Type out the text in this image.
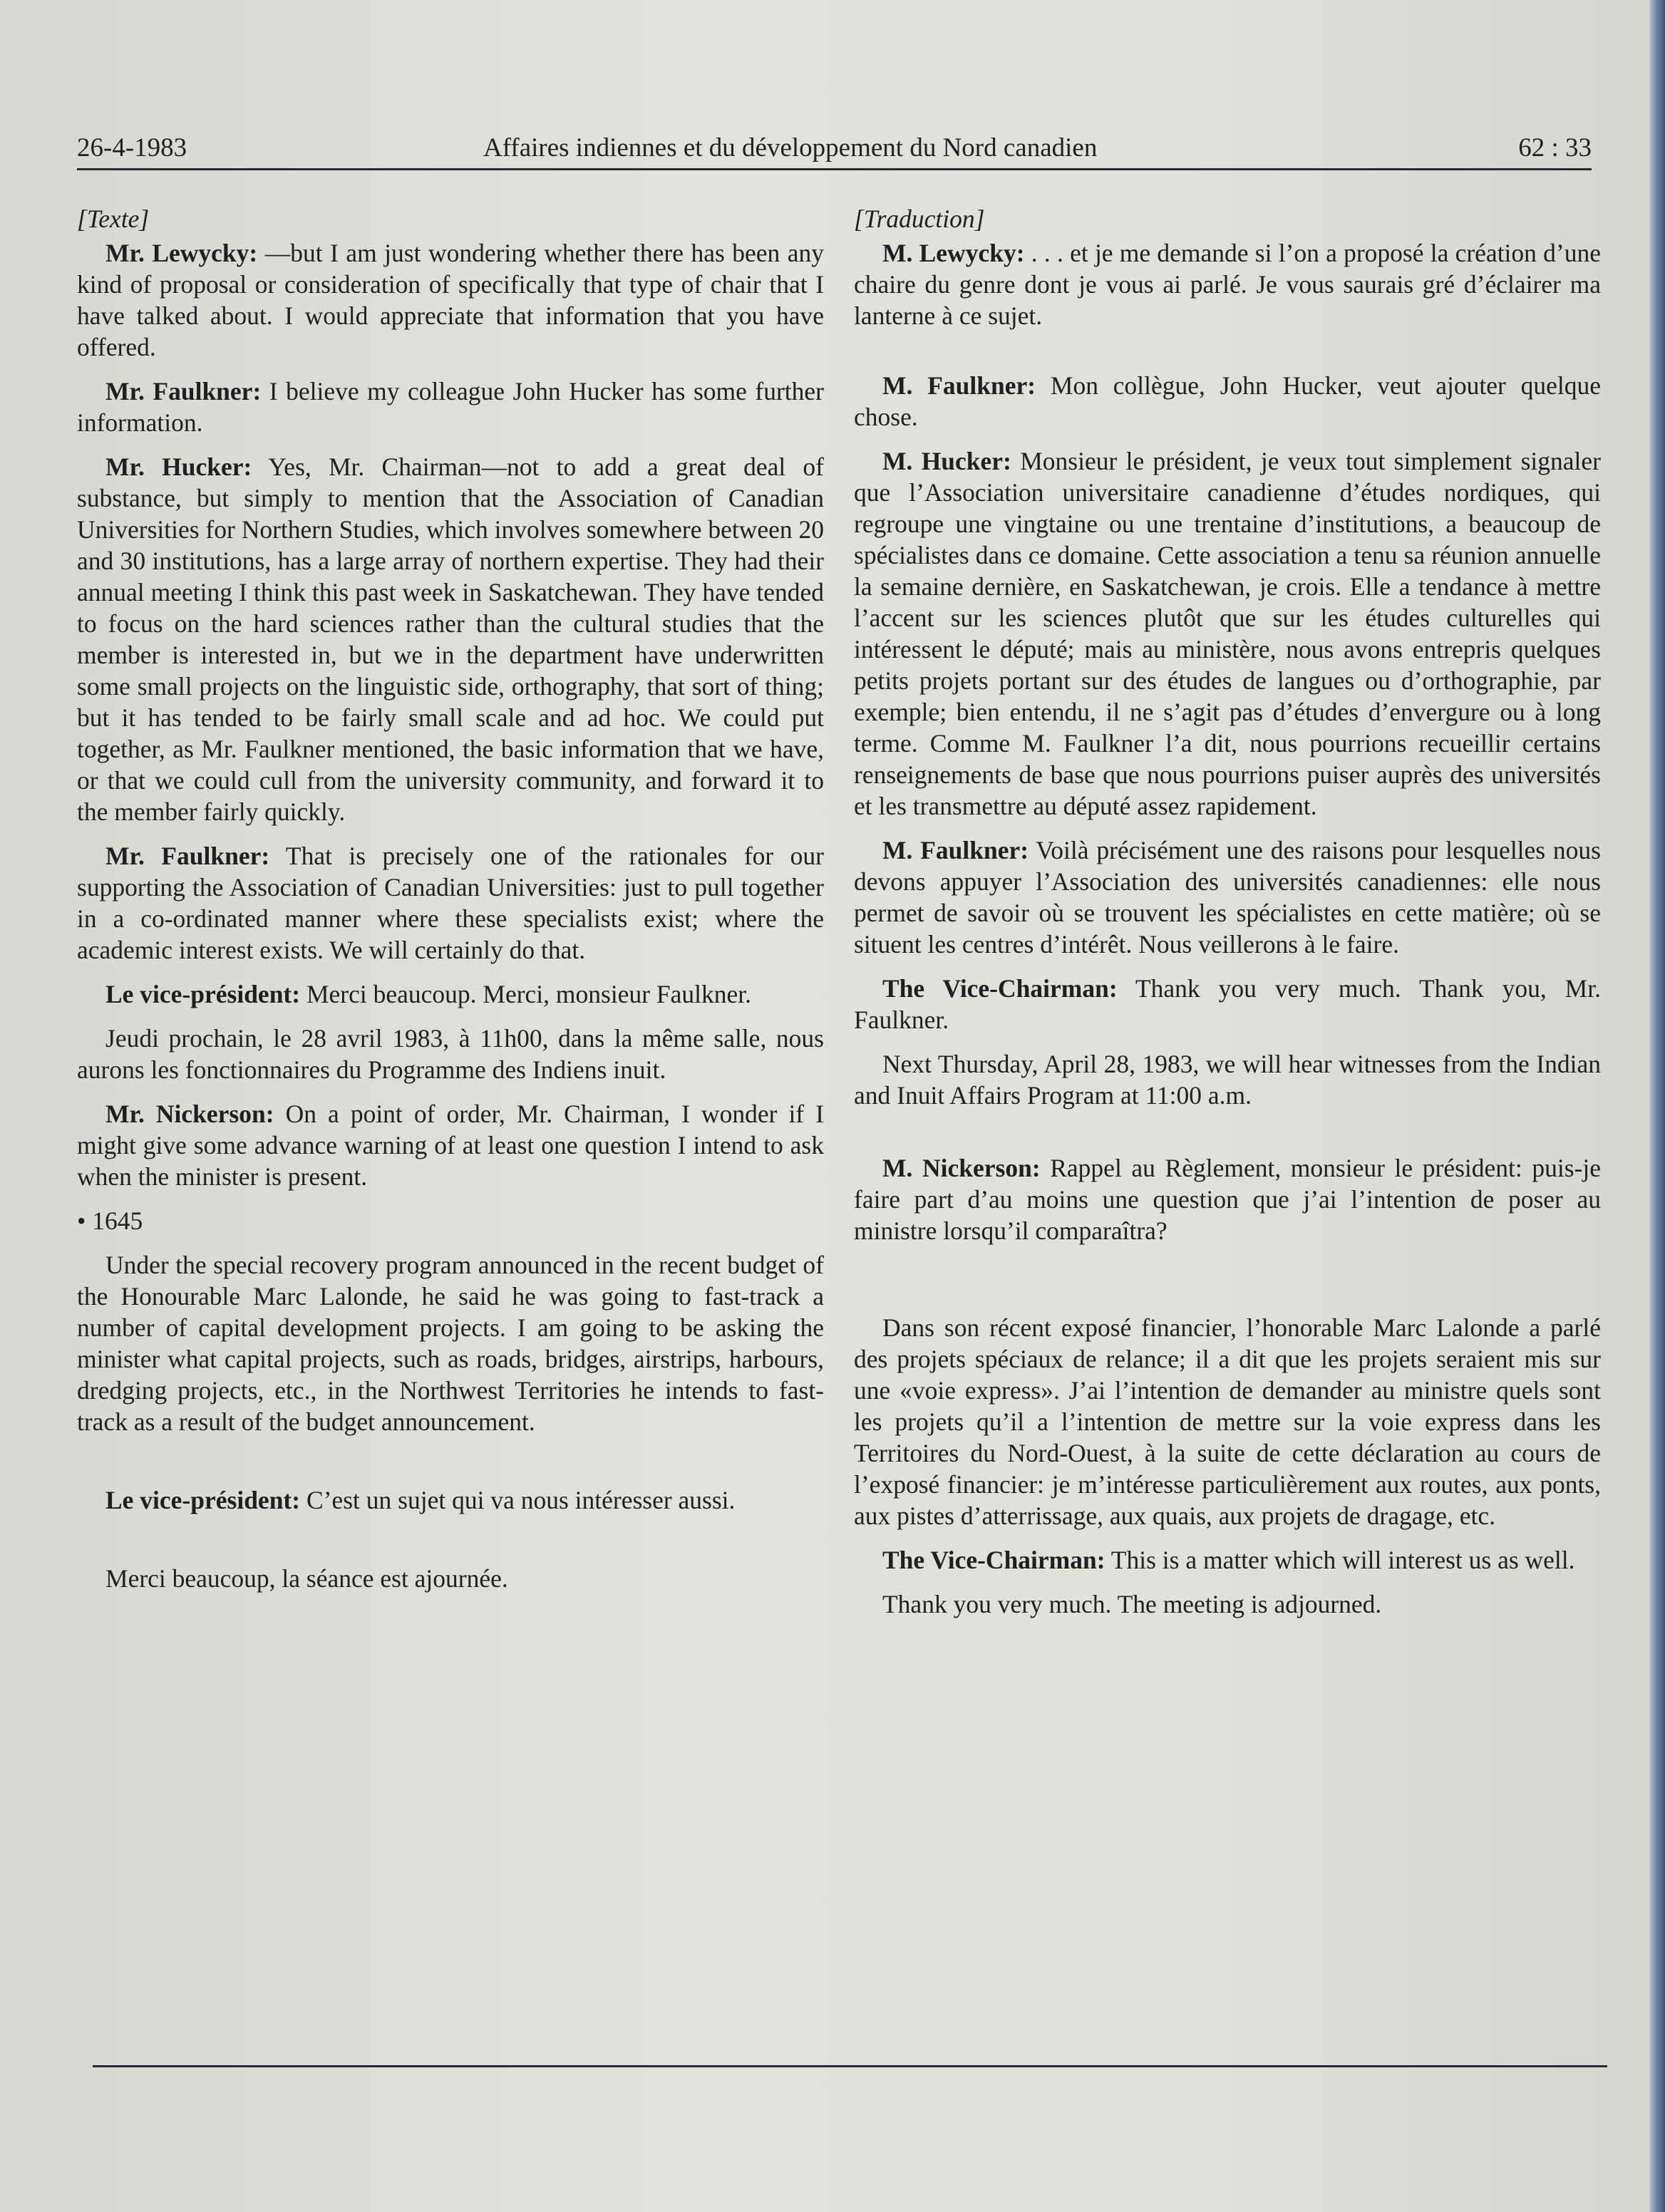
26-4-1983	Affaires indiennes et du développement du Nord canadien	62 : 33

[Texte]

Mr. Lewycky: —but I am just wondering whether there has been any kind of proposal or consideration of specifically that type of chair that I have talked about. I would appreciate that information that you have offered.

Mr. Faulkner: I believe my colleague John Hucker has some further information.

Mr. Hucker: Yes, Mr. Chairman—not to add a great deal of substance, but simply to mention that the Association of Canadian Universities for Northern Studies, which involves somewhere between 20 and 30 institutions, has a large array of northern expertise. They had their annual meeting I think this past week in Saskatchewan. They have tended to focus on the hard sciences rather than the cultural studies that the member is interested in, but we in the department have underwritten some small projects on the linguistic side, orthography, that sort of thing; but it has tended to be fairly small scale and ad hoc. We could put together, as Mr. Faulkner mentioned, the basic information that we have, or that we could cull from the university community, and forward it to the member fairly quickly.

Mr. Faulkner: That is precisely one of the rationales for our supporting the Association of Canadian Universities: just to pull together in a co-ordinated manner where these specialists exist; where the academic interest exists. We will certainly do that.

Le vice-président: Merci beaucoup. Merci, monsieur Faulkner.

Jeudi prochain, le 28 avril 1983, à 11h00, dans la même salle, nous aurons les fonctionnaires du Programme des Indiens inuit.

Mr. Nickerson: On a point of order, Mr. Chairman, I wonder if I might give some advance warning of at least one question I intend to ask when the minister is present.

• 1645

Under the special recovery program announced in the recent budget of the Honourable Marc Lalonde, he said he was going to fast-track a number of capital development projects. I am going to be asking the minister what capital projects, such as roads, bridges, airstrips, harbours, dredging projects, etc., in the Northwest Territories he intends to fast-track as a result of the budget announcement.

Le vice-président: C’est un sujet qui va nous intéresser aussi.

Merci beaucoup, la séance est ajournée.

[Traduction]

M. Lewycky: . . . et je me demande si l’on a proposé la création d’une chaire du genre dont je vous ai parlé. Je vous saurais gré d’éclairer ma lanterne à ce sujet.

M. Faulkner: Mon collègue, John Hucker, veut ajouter quelque chose.

M. Hucker: Monsieur le président, je veux tout simplement signaler que l’Association universitaire canadienne d’études nordiques, qui regroupe une vingtaine ou une trentaine d’institutions, a beaucoup de spécialistes dans ce domaine. Cette association a tenu sa réunion annuelle la semaine dernière, en Saskatchewan, je crois. Elle a tendance à mettre l’accent sur les sciences plutôt que sur les études culturelles qui intéressent le député; mais au ministère, nous avons entrepris quelques petits projets portant sur des études de langues ou d’orthographie, par exemple; bien entendu, il ne s’agit pas d’études d’envergure ou à long terme. Comme M. Faulkner l’a dit, nous pourrions recueillir certains renseignements de base que nous pourrions puiser auprès des universités et les transmettre au député assez rapidement.

M. Faulkner: Voilà précisément une des raisons pour lesquelles nous devons appuyer l’Association des universités canadiennes: elle nous permet de savoir où se trouvent les spécialistes en cette matière; où se situent les centres d’intérêt. Nous veillerons à le faire.

The Vice-Chairman: Thank you very much. Thank you, Mr. Faulkner.

Next Thursday, April 28, 1983, we will hear witnesses from the Indian and Inuit Affairs Program at 11:00 a.m.

M. Nickerson: Rappel au Règlement, monsieur le président: puis-je faire part d’au moins une question que j’ai l’intention de poser au ministre lorsqu’il comparaîtra?

Dans son récent exposé financier, l’honorable Marc Lalonde a parlé des projets spéciaux de relance; il a dit que les projets seraient mis sur une «voie express». J’ai l’intention de demander au ministre quels sont les projets qu’il a l’intention de mettre sur la voie express dans les Territoires du Nord-Ouest, à la suite de cette déclaration au cours de l’exposé financier: je m’intéresse particulièrement aux routes, aux ponts, aux pistes d’atterrissage, aux quais, aux projets de dragage, etc.

The Vice-Chairman: This is a matter which will interest us as well.

Thank you very much. The meeting is adjourned.
